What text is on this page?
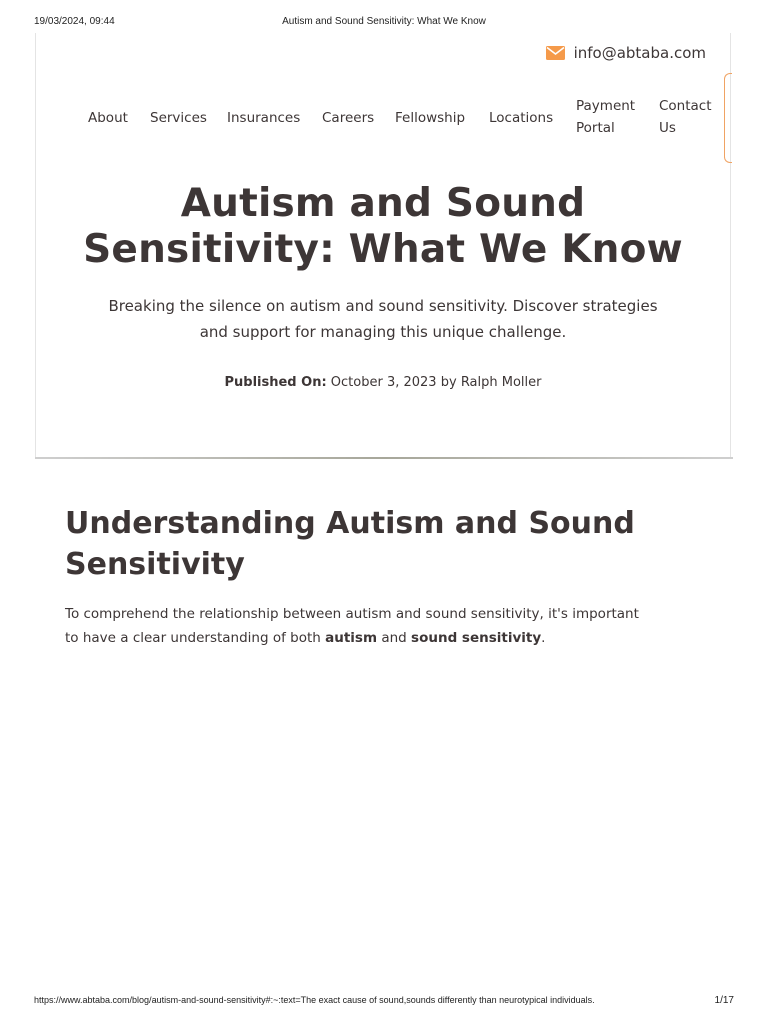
19/03/2024, 09:44	Autism and Sound Sensitivity: What We Know
info@abtaba.com
About Services Insurances Careers Fellowship Locations
Payment
Portal
Contact
Us
Autism and Sound
Sensitivity: What We Know

Breaking the silence on autism and sound sensitivity. Discover strategies
and support for managing this unique challenge.

Published On: October 3, 2023 by Ralph Moller
Understanding Autism and Sound
Sensitivity

To comprehend the relationship between autism and sound sensitivity, it's important
to have a clear understanding of both autism and sound sensitivity.

https://www.abtaba.com/blog/autism-and-sound-sensitivity#:~:text=The exact cause of sound,sounds differently than neurotypical individuals.	1/17
